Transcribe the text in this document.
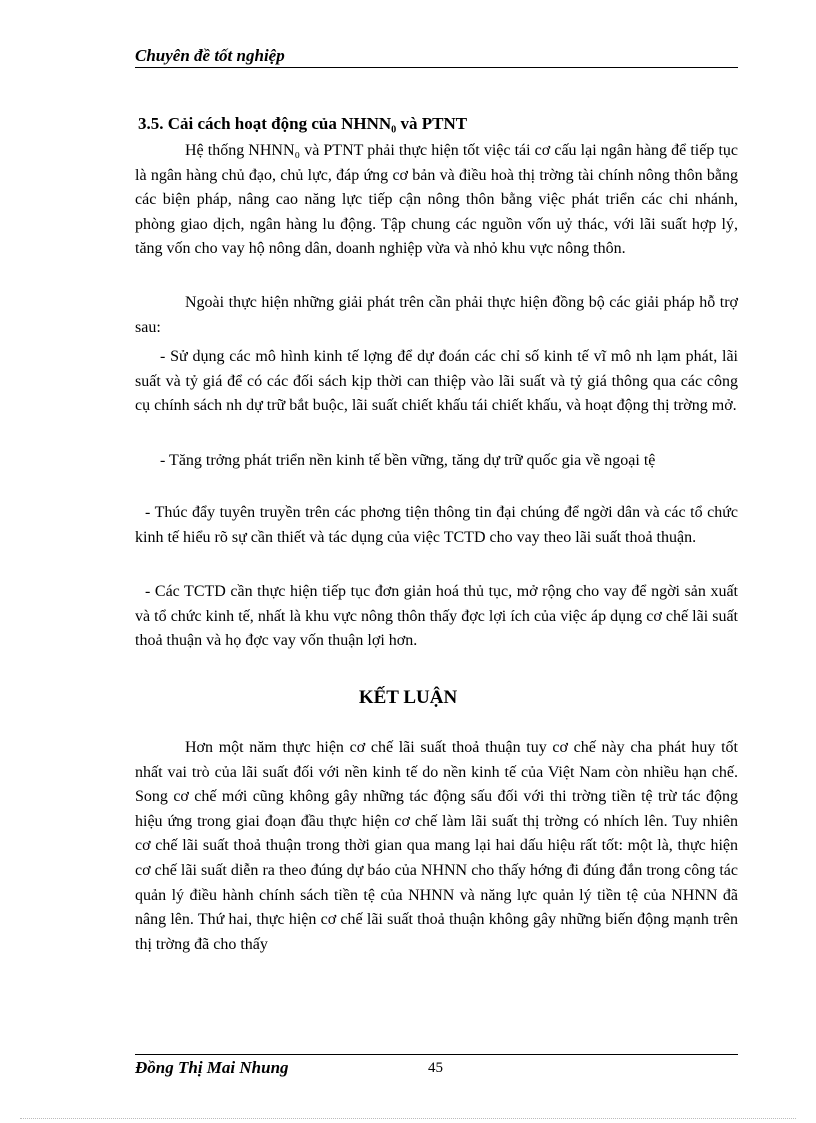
Chuyên đề tốt nghiệp
3.5. Cải cách hoạt động của NHNN₀ và PTNT

Hệ thống NHNN₀ và PTNT phải thực hiện tốt việc tái cơ cấu lại ngân hàng để tiếp tục là ngân hàng chủ đạo, chủ lực, đáp ứng cơ bản và điều hoà thị trờng tài chính nông thôn bằng các biện pháp, nâng cao năng lực tiếp cận nông thôn bằng việc phát triển các chi nhánh, phòng giao dịch, ngân hàng lu động. Tập chung các nguồn vốn uỷ thác, với lãi suất hợp lý, tăng vốn cho vay hộ nông dân, doanh nghiệp vừa và nhỏ khu vực nông thôn.

Ngoài thực hiện những giải phát trên cần phải thực hiện đồng bộ các giải pháp hỗ trợ sau:

- Sử dụng các mô hình kinh tế lợng để dự đoán các chỉ số kinh tế vĩ mô nh lạm phát, lãi suất và tỷ giá để có các đối sách kịp thời can thiệp vào lãi suất và tỷ giá thông qua các công cụ chính sách nh dự trữ bắt buộc, lãi suất chiết khấu tái chiết khấu, và hoạt động thị trờng mở.

- Tăng trởng phát triển nền kinh tế bền vững, tăng dự trữ quốc gia về ngoại tệ

- Thúc đẩy tuyên truyền trên các phơng tiện thông tin đại chúng để ngời dân và các tổ chức kinh tế hiểu rõ sự cần thiết và tác dụng của việc TCTD cho vay theo lãi suất thoả thuận.

- Các TCTD cần thực hiện tiếp tục đơn giản hoá thủ tục, mở rộng cho vay để ngời sản xuất và tổ chức kinh tế, nhất là khu vực nông thôn thấy đợc lợi ích của việc áp dụng cơ chế lãi suất thoả thuận và họ đợc vay vốn thuận lợi hơn.

KẾT LUẬN

Hơn một năm thực hiện cơ chế lãi suất thoả thuận tuy cơ chế này cha phát huy tốt nhất vai trò của lãi suất đối với nền kinh tế do nền kinh tế của Việt Nam còn nhiều hạn chế. Song cơ chế mới cũng không gây những tác động sấu đối với thi trờng tiền tệ trừ tác động hiệu ứng trong giai đoạn đầu thực hiện cơ chế làm lãi suất thị trờng có nhích lên. Tuy nhiên cơ chế lãi suất thoả thuận trong thời gian qua mang lại hai dấu hiệu rất tốt: một là, thực hiện cơ chế lãi suất diễn ra theo đúng dự báo của NHNN cho thấy hớng đi đúng đắn trong công tác quản lý điều hành chính sách tiền tệ của NHNN và năng lực quản lý tiền tệ của NHNN đã nâng lên. Thứ hai, thực hiện cơ chế lãi suất thoả thuận không gây những biến động mạnh trên thị trờng đã cho thấy

Đồng Thị Mai Nhung	45
